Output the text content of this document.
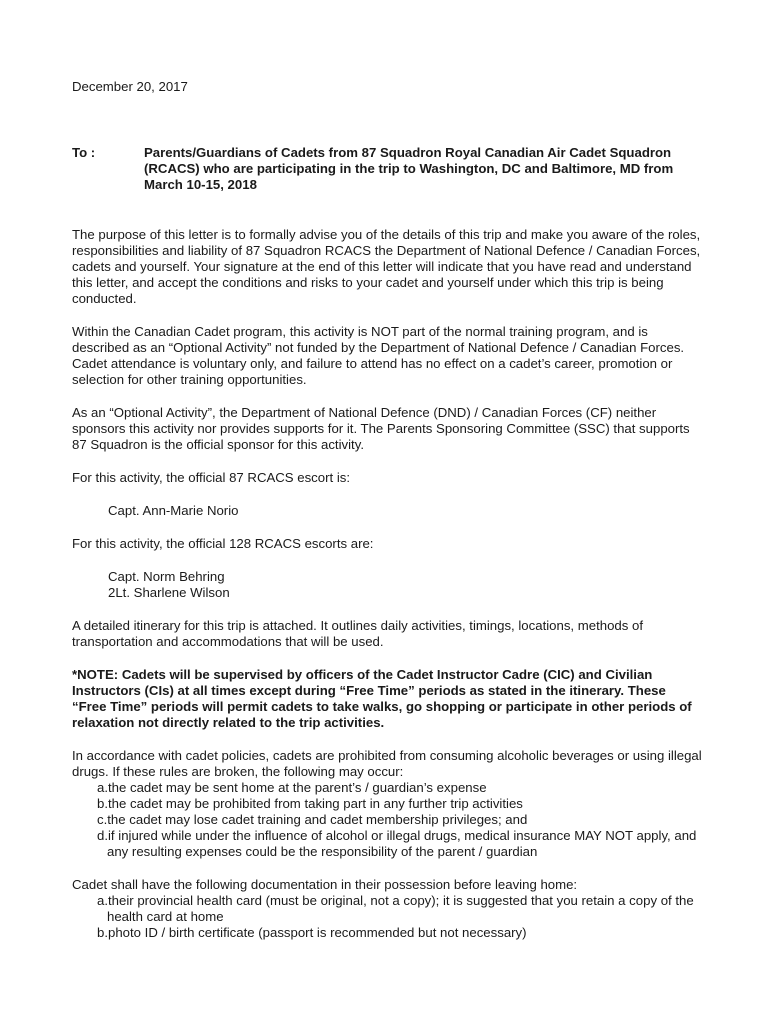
December 20, 2017
To :	Parents/Guardians of Cadets from 87 Squadron Royal Canadian Air Cadet Squadron (RCACS) who are participating in the trip to Washington, DC and Baltimore, MD from March 10-15, 2018

The purpose of this letter is to formally advise you of the details of this trip and make you aware of the roles, responsibilities and liability of 87 Squadron RCACS the Department of National Defence / Canadian Forces, cadets and yourself. Your signature at the end of this letter will indicate that you have read and understand this letter, and accept the conditions and risks to your cadet and yourself under which this trip is being conducted.

Within the Canadian Cadet program, this activity is NOT part of the normal training program, and is described as an “Optional Activity” not funded by the Department of National Defence / Canadian Forces. Cadet attendance is voluntary only, and failure to attend has no effect on a cadet’s career, promotion or selection for other training opportunities.

As an “Optional Activity”, the Department of National Defence (DND) / Canadian Forces (CF) neither sponsors this activity nor provides supports for it. The Parents Sponsoring Committee (SSC) that supports 87 Squadron is the official sponsor for this activity.

For this activity, the official 87 RCACS escort is:

Capt. Ann-Marie Norio

For this activity, the official 128 RCACS escorts are:

Capt. Norm Behring

2Lt. Sharlene Wilson

A detailed itinerary for this trip is attached. It outlines daily activities, timings, locations, methods of transportation and accommodations that will be used.

*NOTE: Cadets will be supervised by officers of the Cadet Instructor Cadre (CIC) and Civilian Instructors (CIs) at all times except during “Free Time” periods as stated in the itinerary. These “Free Time” periods will permit cadets to take walks, go shopping or participate in other periods of relaxation not directly related to the trip activities.

In accordance with cadet policies, cadets are prohibited from consuming alcoholic beverages or using illegal drugs. If these rules are broken, the following may occur:

a.the cadet may be sent home at the parent’s / guardian’s expense
b.the cadet may be prohibited from taking part in any further trip activities
c.the cadet may lose cadet training and cadet membership privileges; and
d.if injured while under the influence of alcohol or illegal drugs, medical insurance MAY NOT apply, and any resulting expenses could be the responsibility of the parent / guardian

Cadet shall have the following documentation in their possession before leaving home:

a.their provincial health card (must be original, not a copy); it is suggested that you retain a copy of the health card at home
b.photo ID / birth certificate (passport is recommended but not necessary)
